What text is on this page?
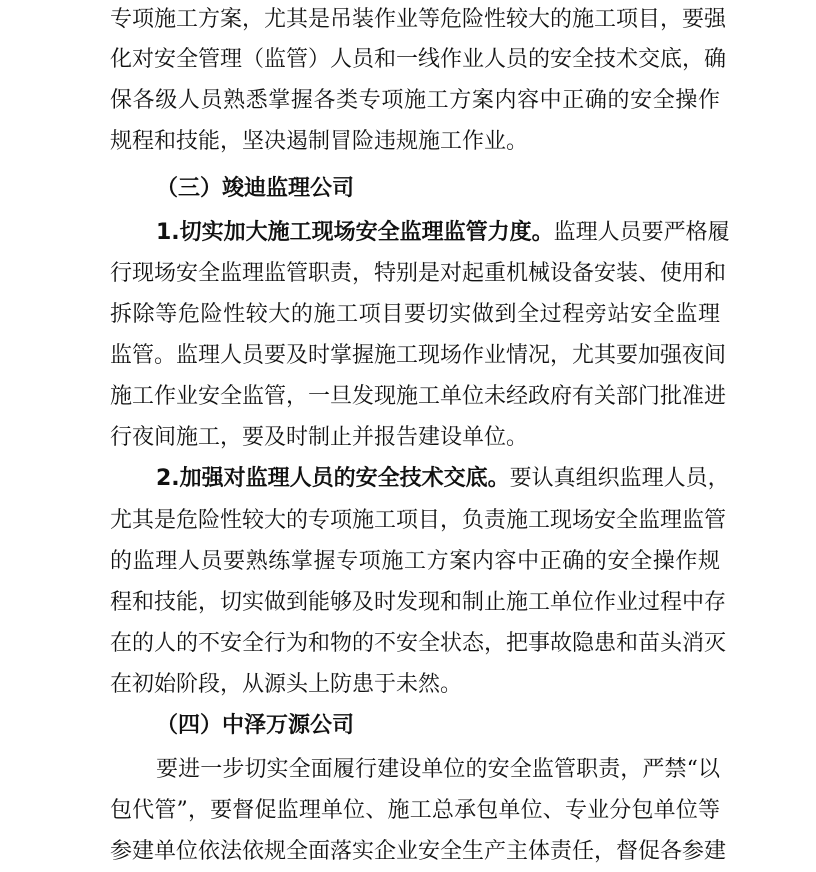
专项施工方案，尤其是吊装作业等危险性较大的施工项目，要强
化对安全管理（监管）人员和一线作业人员的安全技术交底，确
保各级人员熟悉掌握各类专项施工方案内容中正确的安全操作
规程和技能，坚决遏制冒险违规施工作业。
（三）竣迪监理公司
1.切实加大施工现场安全监理监管力度。监理人员要严格履
行现场安全监理监管职责，特别是对起重机械设备安装、使用和
拆除等危险性较大的施工项目要切实做到全过程旁站安全监理
监管。监理人员要及时掌握施工现场作业情况，尤其要加强夜间
施工作业安全监管，一旦发现施工单位未经政府有关部门批准进
行夜间施工，要及时制止并报告建设单位。
2.加强对监理人员的安全技术交底。要认真组织监理人员，
尤其是危险性较大的专项施工项目，负责施工现场安全监理监管
的监理人员要熟练掌握专项施工方案内容中正确的安全操作规
程和技能，切实做到能够及时发现和制止施工单位作业过程中存
在的人的不安全行为和物的不安全状态，把事故隐患和苗头消灭
在初始阶段，从源头上防患于未然。
（四）中泽万源公司
要进一步切实全面履行建设单位的安全监管职责，严禁“以
包代管”，要督促监理单位、施工总承包单位、专业分包单位等
参建单位依法依规全面落实企业安全生产主体责任，督促各参建
